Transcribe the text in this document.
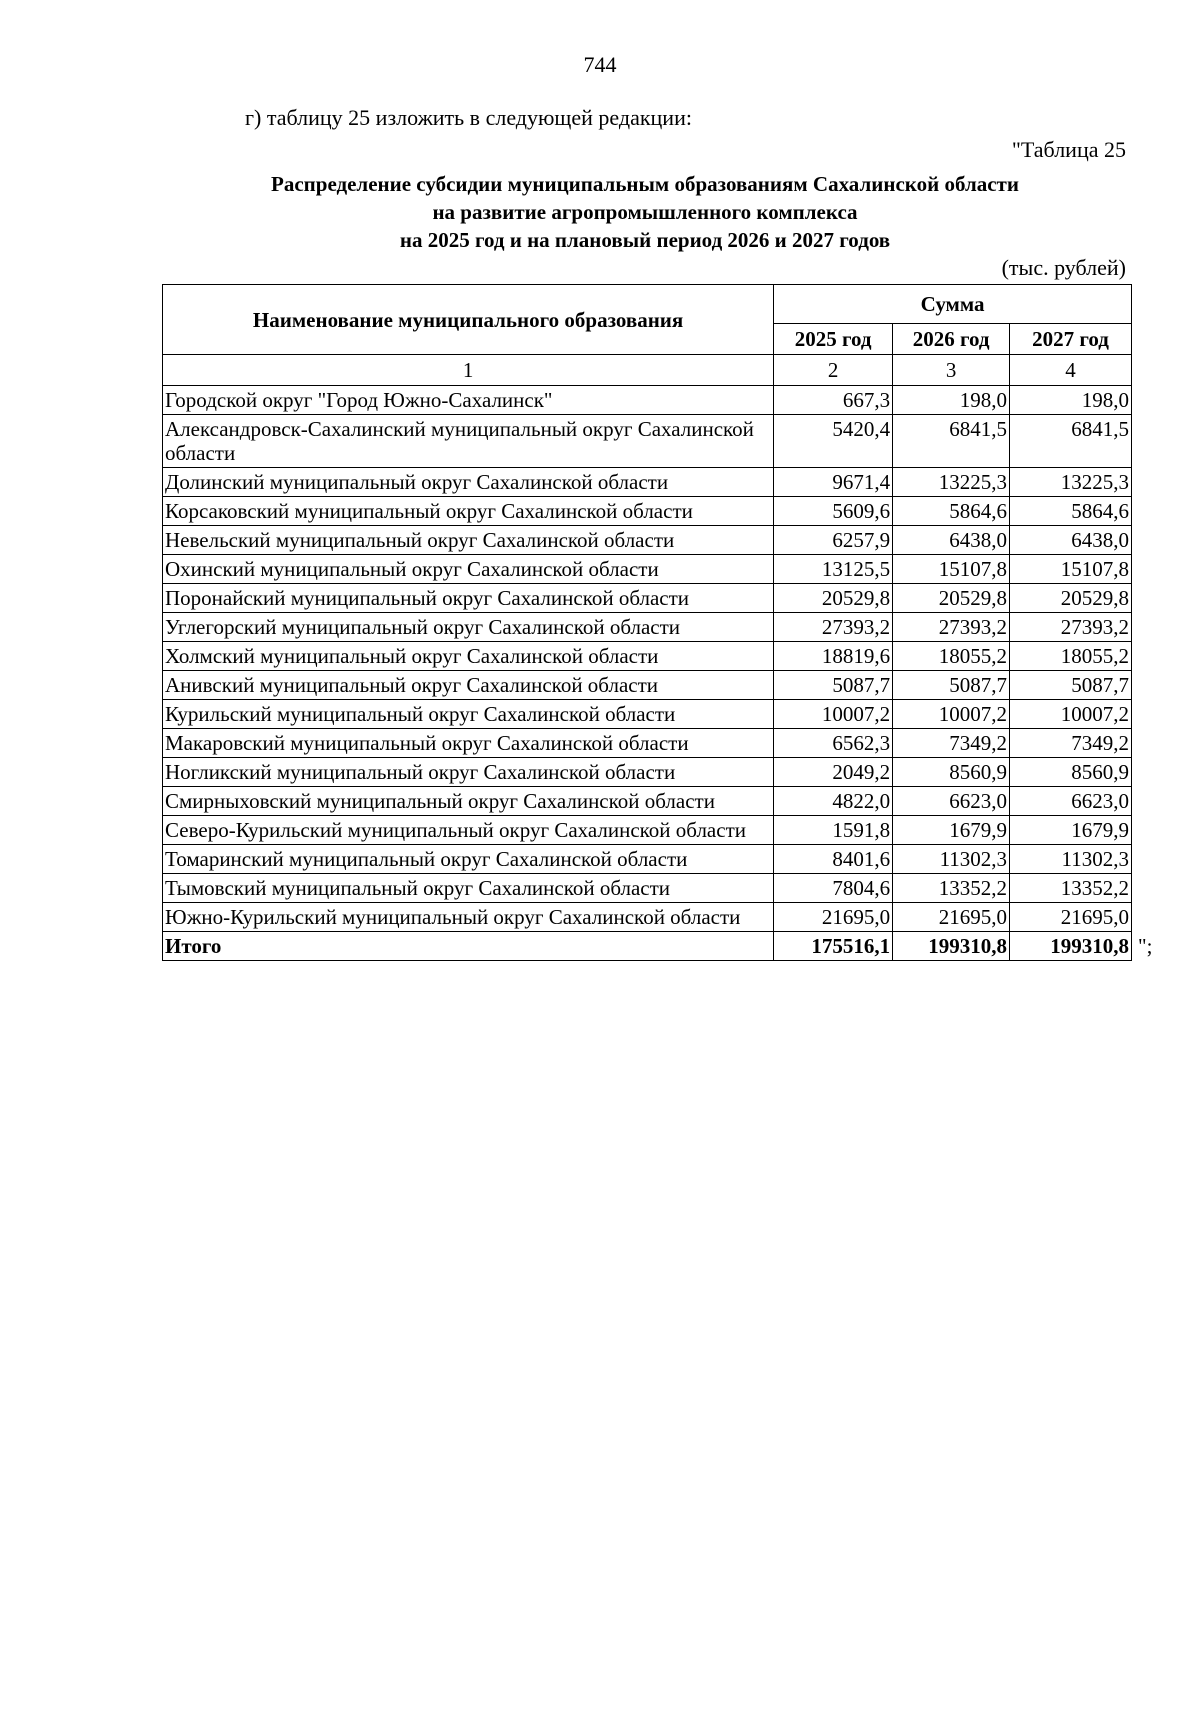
744
г) таблицу 25 изложить в следующей редакции:
"Таблица 25
Распределение субсидии муниципальным образованиям Сахалинской области
на развитие агропромышленного комплекса
на 2025 год и на плановый период 2026 и 2027 годов
(тыс. рублей)
Наименование муниципального образования	Сумма		
	2025 год	2026 год	2027 год
1	2	3	4
Городской округ "Город Южно-Сахалинск"	667,3	198,0	198,0
Александровск-Сахалинский муниципальный округ Сахалинской области	5420,4	6841,5	6841,5
Долинский муниципальный округ Сахалинской области	9671,4	13225,3	13225,3
Корсаковский муниципальный округ Сахалинской области	5609,6	5864,6	5864,6
Невельский муниципальный округ Сахалинской области	6257,9	6438,0	6438,0
Охинский муниципальный округ Сахалинской области	13125,5	15107,8	15107,8
Поронайский муниципальный округ Сахалинской области	20529,8	20529,8	20529,8
Углегорский муниципальный округ Сахалинской области	27393,2	27393,2	27393,2
Холмский муниципальный округ Сахалинской области	18819,6	18055,2	18055,2
Анивский муниципальный округ Сахалинской области	5087,7	5087,7	5087,7
Курильский муниципальный округ Сахалинской области	10007,2	10007,2	10007,2
Макаровский муниципальный округ Сахалинской области	6562,3	7349,2	7349,2
Ногликский муниципальный округ Сахалинской области	2049,2	8560,9	8560,9
Смирныховский муниципальный округ Сахалинской области	4822,0	6623,0	6623,0
Северо-Курильский муниципальный округ Сахалинской области	1591,8	1679,9	1679,9
Томаринский муниципальный округ Сахалинской области	8401,6	11302,3	11302,3
Тымовский муниципальный округ Сахалинской области	7804,6	13352,2	13352,2
Южно-Курильский муниципальный округ Сахалинской области	21695,0	21695,0	21695,0
Итого	175516,1	199310,8	199310,8 ";
